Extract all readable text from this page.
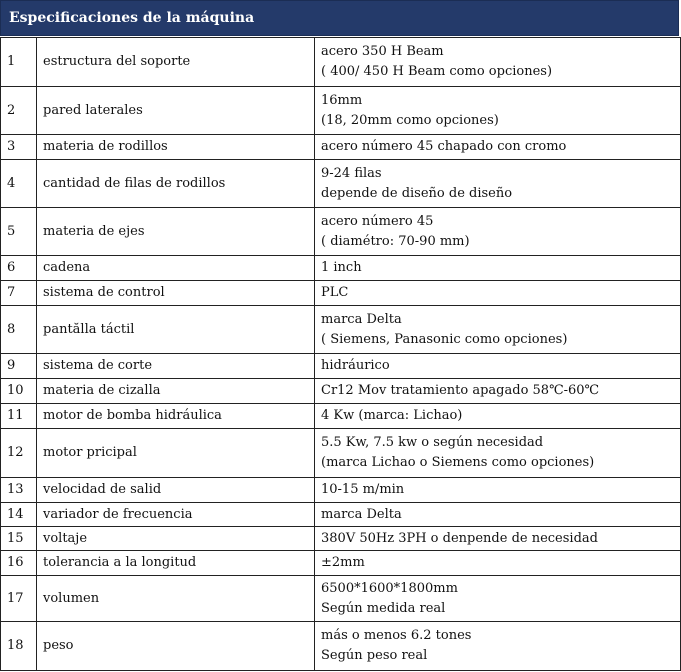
Especificaciones de la máquina
1	estructura del soporte	acero 350 H Beam
( 400/ 450 H Beam como opciones)

2	pared laterales	16mm
(18, 20mm como opciones)

3	materia de rodillos	acero número 45 chapado con cromo

4	cantidad de filas de rodillos	9-24 filas
depende de diseño de diseño

5	materia de ejes	acero número 45
( diamétro: 70-90 mm)

6	cadena	1 inch

7	sistema de control	PLC

8	pantălla táctil	marca Delta
( Siemens, Panasonic como opciones)

9	sistema de corte	hidráurico

10	materia de cizalla	Cr12 Mov tratamiento apagado 58℃-60℃

11	motor de bomba hidráulica	4 Kw (marca: Lichao)

12	motor pricipal	5.5 Kw, 7.5 kw o según necesidad
(marca Lichao o Siemens como opciones)

13	velocidad de salid	10-15 m/min

14	variador de frecuencia	marca Delta

15	voltaje	380V 50Hz 3PH o denpende de necesidad

16	tolerancia a la longitud	±2mm

17	volumen	6500*1600*1800mm
Según medida real

18	peso	más o menos 6.2 tones
Según peso real
